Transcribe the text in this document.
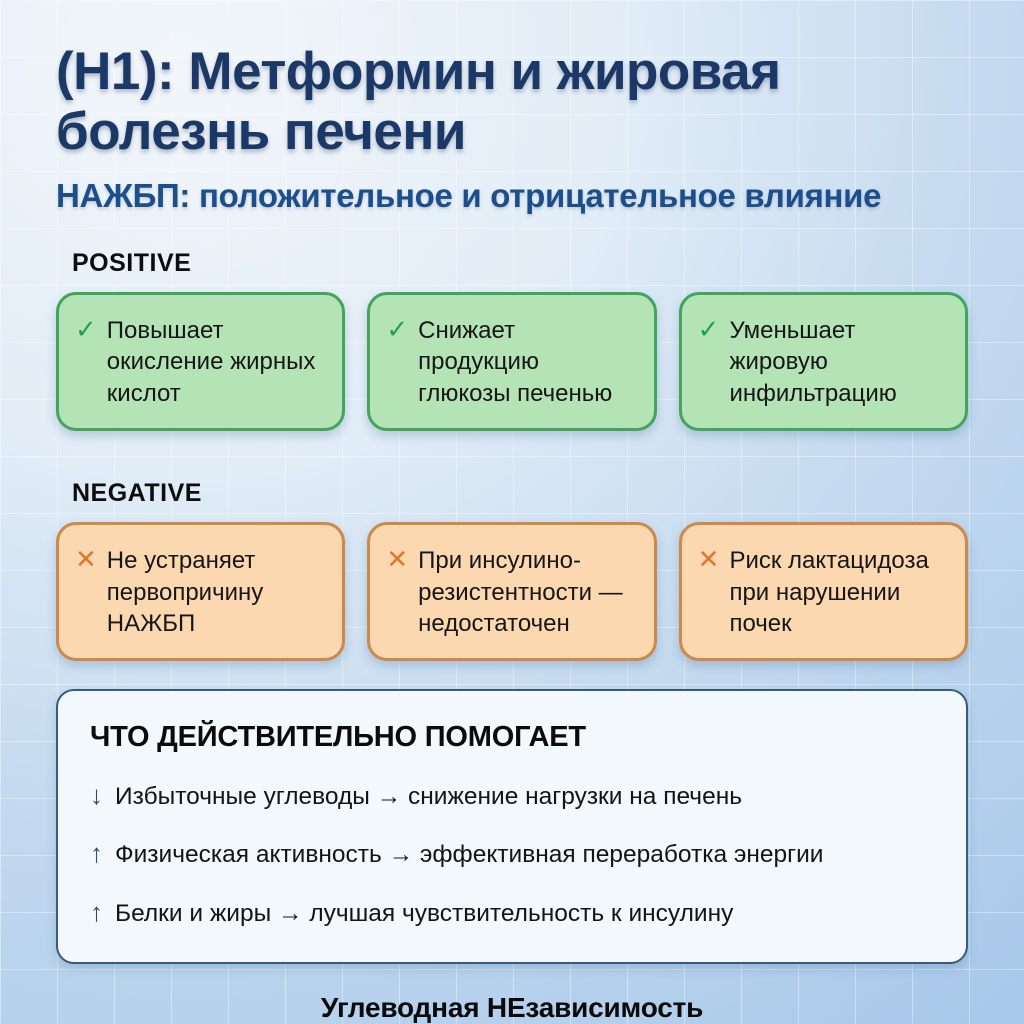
(H1): Метформин и жировая болезнь печени
НАЖБП: положительное и отрицательное влияние
POSITIVE
✓ Повышает окисление жирных кислот
✓ Снижает продукцию глюкозы печенью
✓ Уменьшает жировую инфильтрацию
NEGATIVE
✕ Не устраняет первопричину НАЖБП
✕ При инсулино-резистентности — недостаточен
✕ Риск лактацидоза при нарушении почек
ЧТО ДЕЙСТВИТЕЛЬНО ПОМОГАЕТ
↓ Избыточные углеводы → снижение нагрузки на печень
↑ Физическая активность → эффективная переработка энергии
↑ Белки и жиры → лучшая чувствительность к инсулину
Углеводная НЕзависимость
